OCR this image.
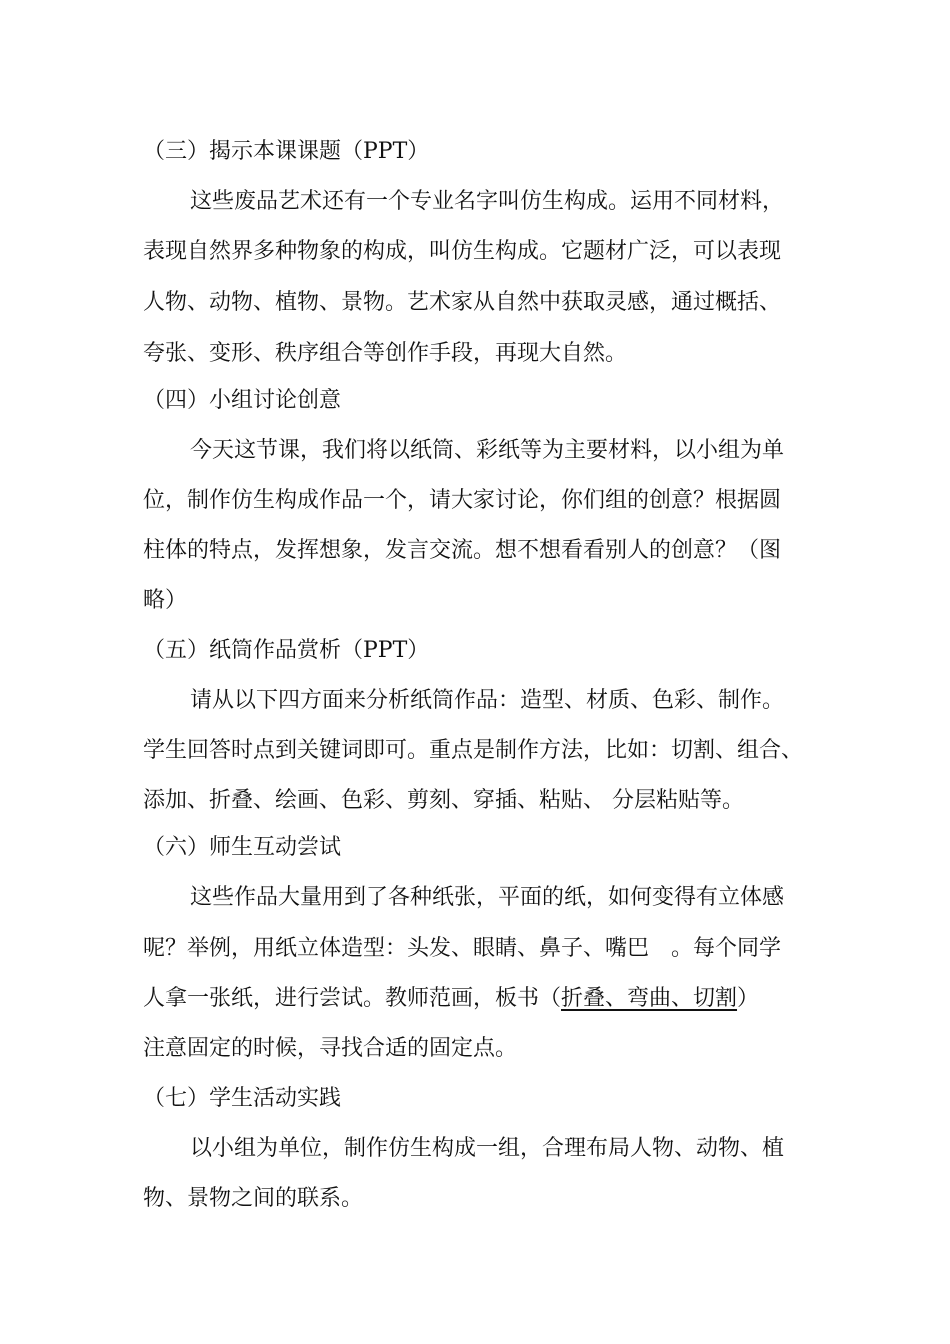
（三）揭示本课课题（PPT）
这些废品艺术还有一个专业名字叫仿生构成。运用不同材料，
表现自然界多种物象的构成，叫仿生构成。它题材广泛，可以表现
人物、动物、植物、景物。艺术家从自然中获取灵感，通过概括、
夸张、变形、秩序组合等创作手段，再现大自然。
（四）小组讨论创意
今天这节课，我们将以纸筒、彩纸等为主要材料，以小组为单
位，制作仿生构成作品一个，请大家讨论，你们组的创意？根据圆
柱体的特点，发挥想象，发言交流。想不想看看别人的创意？（图
略）
（五）纸筒作品赏析（PPT）
请从以下四方面来分析纸筒作品：造型、材质、色彩、制作。
学生回答时点到关键词即可。重点是制作方法，比如：切割、组合、
添加、折叠、绘画、色彩、剪刻、穿插、粘贴、 分层粘贴等。
（六）师生互动尝试
这些作品大量用到了各种纸张，平面的纸，如何变得有立体感
呢？举例，用纸立体造型：头发、眼睛、鼻子、嘴巴　。每个同学
人拿一张纸，进行尝试。教师范画，板书（折叠、弯曲、切割）
注意固定的时候，寻找合适的固定点。
（七）学生活动实践
以小组为单位，制作仿生构成一组，合理布局人物、动物、植
物、景物之间的联系。
